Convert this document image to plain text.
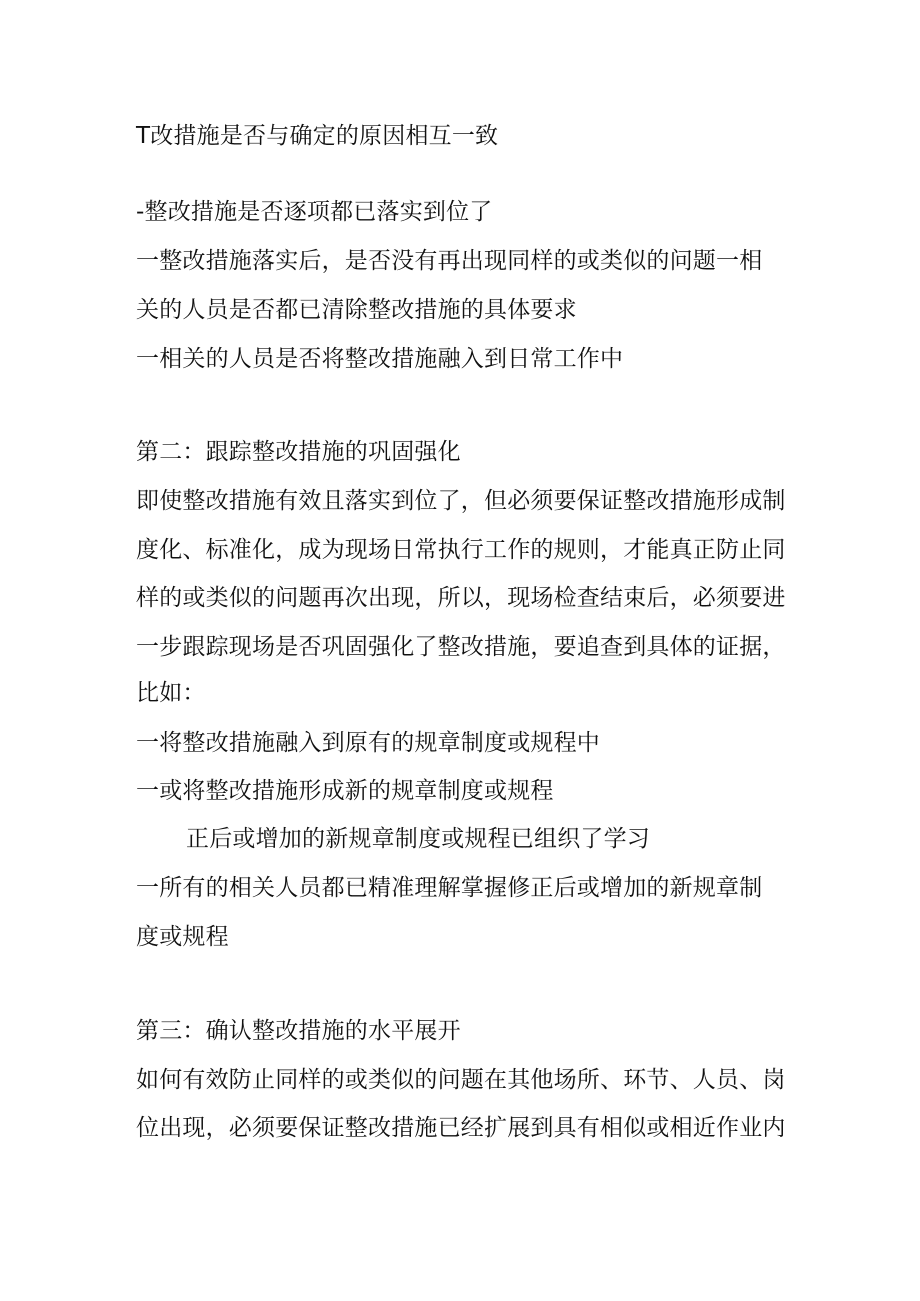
T改措施是否与确定的原因相互一致
-整改措施是否逐项都已落实到位了
一整改措施落实后，是否没有再出现同样的或类似的问题一相
关的人员是否都已清除整改措施的具体要求
一相关的人员是否将整改措施融入到日常工作中
第二：跟踪整改措施的巩固强化
即使整改措施有效且落实到位了，但必须要保证整改措施形成制
度化、标准化，成为现场日常执行工作的规则，才能真正防止同
样的或类似的问题再次出现，所以，现场检查结束后，必须要进
一步跟踪现场是否巩固强化了整改措施，要追查到具体的证据，
比如：
一将整改措施融入到原有的规章制度或规程中
一或将整改措施形成新的规章制度或规程
正后或增加的新规章制度或规程已组织了学习
一所有的相关人员都已精准理解掌握修正后或增加的新规章制
度或规程
第三：确认整改措施的水平展开
如何有效防止同样的或类似的问题在其他场所、环节、人员、岗
位出现，必须要保证整改措施已经扩展到具有相似或相近作业内
